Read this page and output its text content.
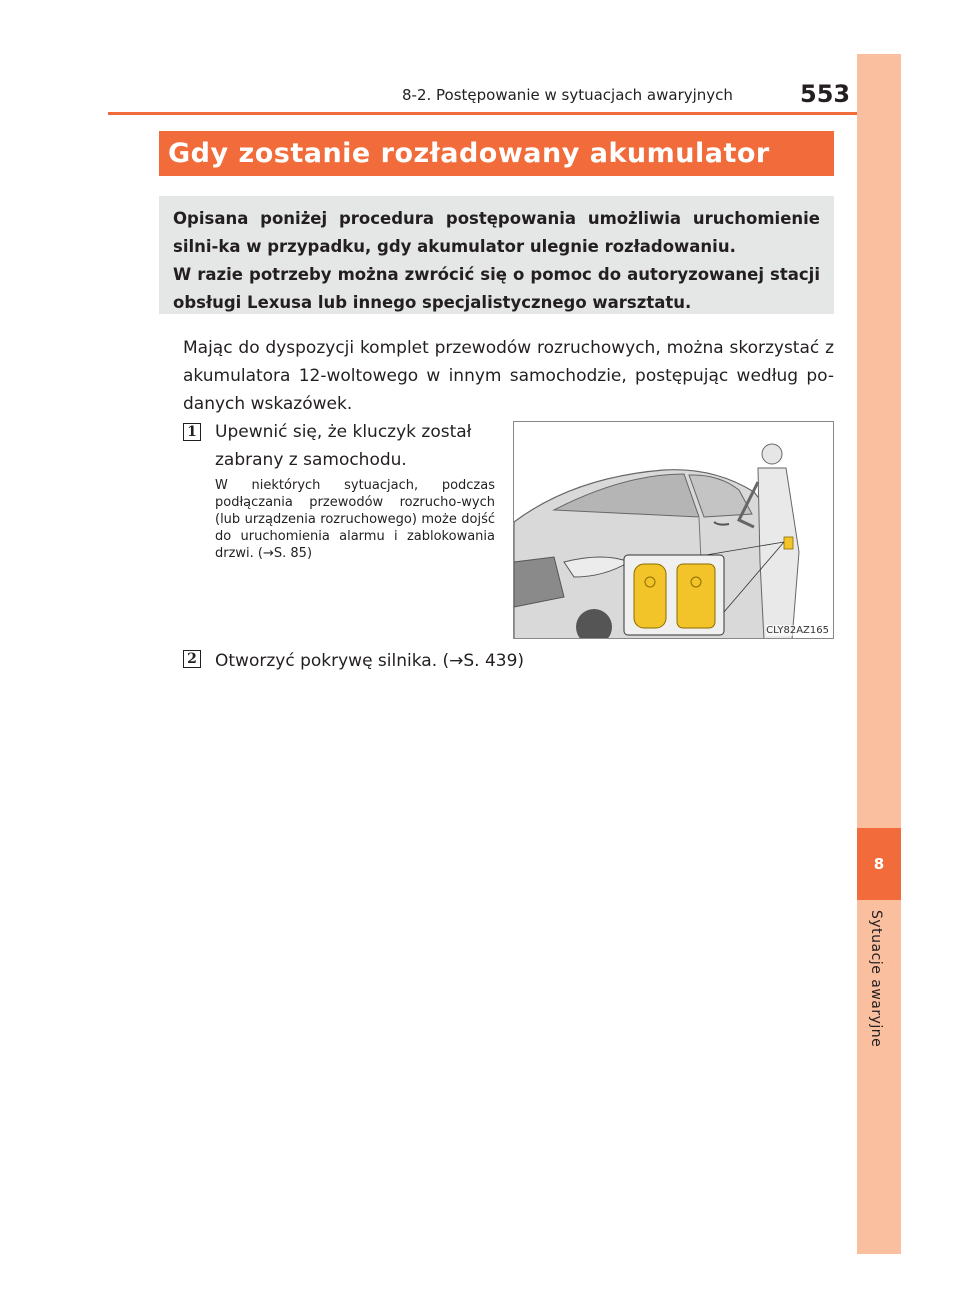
8
Sytuacje awaryjne
8-2. Postępowanie w sytuacjach awaryjnych	553
Gdy zostanie rozładowany akumulator

Opisana poniżej procedura postępowania umożliwia uruchomienie silni-ka w przypadku, gdy akumulator ulegnie rozładowaniu.

W razie potrzeby można zwrócić się o pomoc do autoryzowanej stacji obsługi Lexusa lub innego specjalistycznego warsztatu.

Mając do dyspozycji komplet przewodów rozruchowych, można skorzystać z akumulatora 12-woltowego w innym samochodzie, postępując według po-danych wskazówek.

1 Upewnić się, że kluczyk został zabrany z samochodu.
W niektórych sytuacjach, podczas podłączania przewodów rozrucho-wych (lub urządzenia rozruchowego) może dojść do uruchomienia alarmu i zablokowania drzwi. (→S. 85)
CLY82AZ165
2 Otworzyć pokrywę silnika. (→S. 439)
